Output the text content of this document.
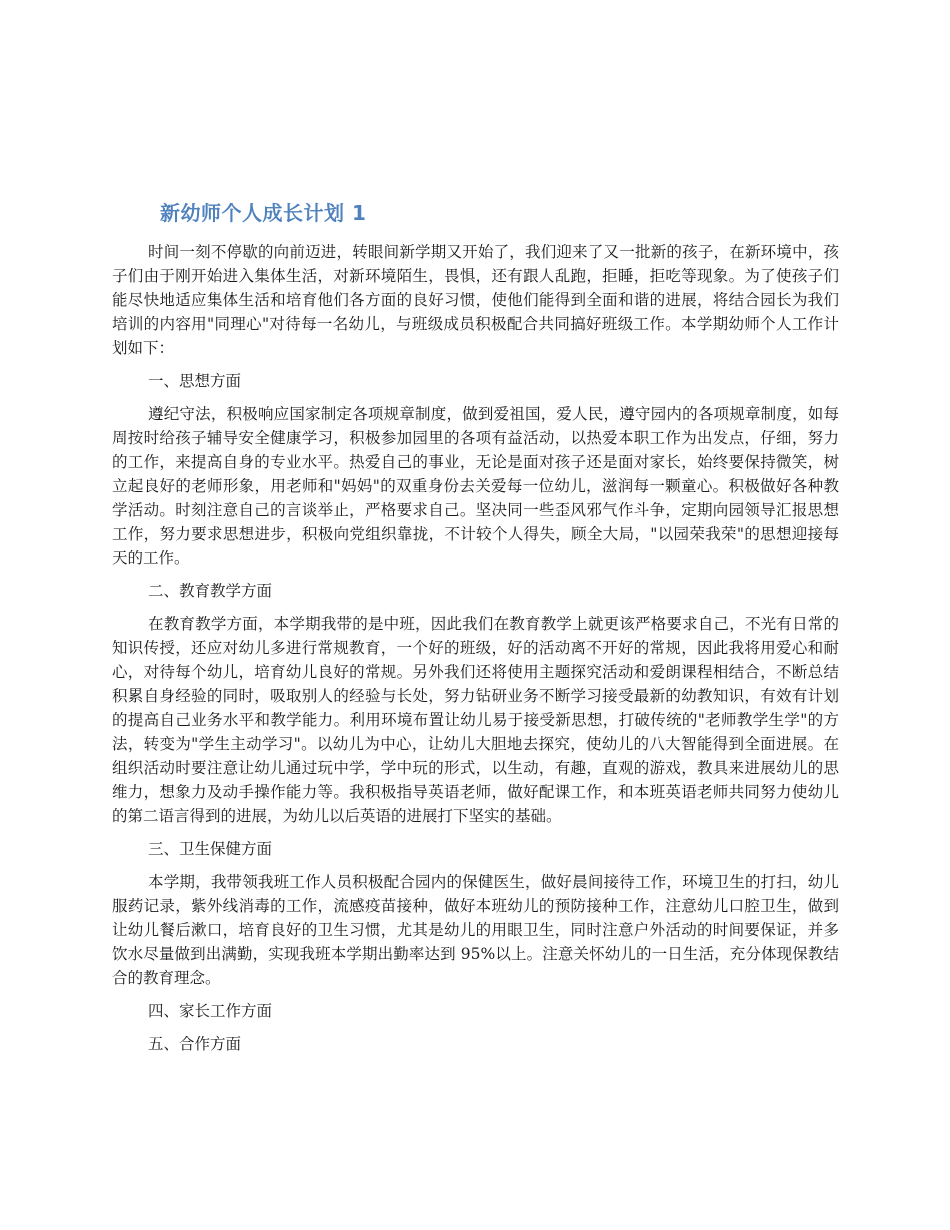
新幼师个人成长计划 1

时间一刻不停歇的向前迈进，转眼间新学期又开始了，我们迎来了又一批新的孩子，在新环境中，孩子们由于刚开始进入集体生活，对新环境陌生，畏惧，还有跟人乱跑，拒睡，拒吃等现象。为了使孩子们能尽快地适应集体生活和培育他们各方面的良好习惯，使他们能得到全面和谐的进展，将结合园长为我们培训的内容用"同理心"对待每一名幼儿，与班级成员积极配合共同搞好班级工作。本学期幼师个人工作计划如下：

一、思想方面

遵纪守法，积极响应国家制定各项规章制度，做到爱祖国，爱人民，遵守园内的各项规章制度，如每周按时给孩子辅导安全健康学习，积极参加园里的各项有益活动，以热爱本职工作为出发点，仔细，努力的工作，来提高自身的专业水平。热爱自己的事业，无论是面对孩子还是面对家长，始终要保持微笑，树立起良好的老师形象，用老师和"妈妈"的双重身份去关爱每一位幼儿，滋润每一颗童心。积极做好各种教学活动。时刻注意自己的言谈举止，严格要求自己。坚决同一些歪风邪气作斗争，定期向园领导汇报思想工作，努力要求思想进步，积极向党组织靠拢，不计较个人得失，顾全大局，"以园荣我荣"的思想迎接每天的工作。

二、教育教学方面

在教育教学方面，本学期我带的是中班，因此我们在教育教学上就更该严格要求自己，不光有日常的知识传授，还应对幼儿多进行常规教育，一个好的班级，好的活动离不开好的常规，因此我将用爱心和耐心，对待每个幼儿，培育幼儿良好的常规。另外我们还将使用主题探究活动和爱朗课程相结合，不断总结积累自身经验的同时，吸取别人的经验与长处，努力钻研业务不断学习接受最新的幼教知识，有效有计划的提高自己业务水平和教学能力。利用环境布置让幼儿易于接受新思想，打破传统的"老师教学生学"的方法，转变为"学生主动学习"。以幼儿为中心，让幼儿大胆地去探究，使幼儿的八大智能得到全面进展。在组织活动时要注意让幼儿通过玩中学，学中玩的形式，以生动，有趣，直观的游戏，教具来进展幼儿的思维力，想象力及动手操作能力等。我积极指导英语老师，做好配课工作，和本班英语老师共同努力使幼儿的第二语言得到的进展，为幼儿以后英语的进展打下坚实的基础。

三、卫生保健方面

本学期，我带领我班工作人员积极配合园内的保健医生，做好晨间接待工作，环境卫生的打扫，幼儿服药记录，紫外线消毒的工作，流感疫苗接种，做好本班幼儿的预防接种工作，注意幼儿口腔卫生，做到让幼儿餐后漱口，培育良好的卫生习惯，尤其是幼儿的用眼卫生，同时注意户外活动的时间要保证，并多饮水尽量做到出满勤，实现我班本学期出勤率达到 95%以上。注意关怀幼儿的一日生活，充分体现保教结合的教育理念。

四、家长工作方面

五、合作方面
